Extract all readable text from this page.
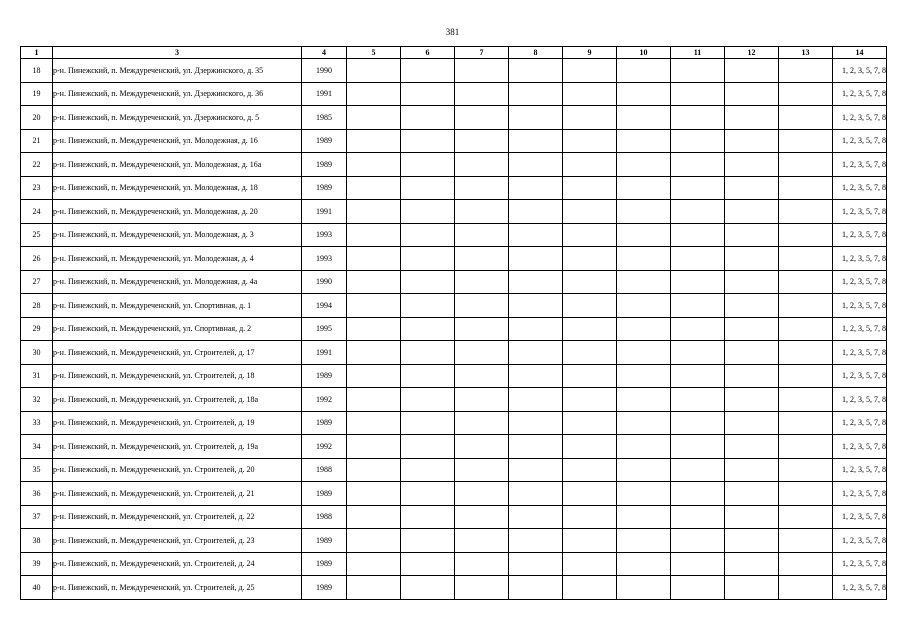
381
1	3	4	5	6	7	8	9	10	11	12	13	14
18	р-н. Пинежский, п. Междуреченский, ул. Дзержинского, д. 35	1990										1, 2, 3, 5, 7, 8
19	р-н. Пинежский, п. Междуреченский, ул. Дзержинского, д. 36	1991										1, 2, 3, 5, 7, 8
20	р-н. Пинежский, п. Междуреченский, ул. Дзержинского, д. 5	1985										1, 2, 3, 5, 7, 8
21	р-н. Пинежский, п. Междуреченский, ул. Молодежная, д. 16	1989										1, 2, 3, 5, 7, 8
22	р-н. Пинежский, п. Междуреченский, ул. Молодежная, д. 16а	1989										1, 2, 3, 5, 7, 8
23	р-н. Пинежский, п. Междуреченский, ул. Молодежная, д. 18	1989										1, 2, 3, 5, 7, 8
24	р-н. Пинежский, п. Междуреченский, ул. Молодежная, д. 20	1991										1, 2, 3, 5, 7, 8
25	р-н. Пинежский, п. Междуреченский, ул. Молодежная, д. 3	1993										1, 2, 3, 5, 7, 8
26	р-н. Пинежский, п. Междуреченский, ул. Молодежная, д. 4	1993										1, 2, 3, 5, 7, 8
27	р-н. Пинежский, п. Междуреченский, ул. Молодежная, д. 4а	1990										1, 2, 3, 5, 7, 8
28	р-н. Пинежский, п. Междуреченский, ул. Спортивная, д. 1	1994										1, 2, 3, 5, 7, 8
29	р-н. Пинежский, п. Междуреченский, ул. Спортивная, д. 2	1995										1, 2, 3, 5, 7, 8
30	р-н. Пинежский, п. Междуреченский, ул. Строителей, д. 17	1991										1, 2, 3, 5, 7, 8
31	р-н. Пинежский, п. Междуреченский, ул. Строителей, д. 18	1989										1, 2, 3, 5, 7, 8
32	р-н. Пинежский, п. Междуреченский, ул. Строителей, д. 18а	1992										1, 2, 3, 5, 7, 8
33	р-н. Пинежский, п. Междуреченский, ул. Строителей, д. 19	1989										1, 2, 3, 5, 7, 8
34	р-н. Пинежский, п. Междуреченский, ул. Строителей, д. 19а	1992										1, 2, 3, 5, 7, 8
35	р-н. Пинежский, п. Междуреченский, ул. Строителей, д. 20	1988										1, 2, 3, 5, 7, 8
36	р-н. Пинежский, п. Междуреченский, ул. Строителей, д. 21	1989										1, 2, 3, 5, 7, 8
37	р-н. Пинежский, п. Междуреченский, ул. Строителей, д. 22	1988										1, 2, 3, 5, 7, 8
38	р-н. Пинежский, п. Междуреченский, ул. Строителей, д. 23	1989										1, 2, 3, 5, 7, 8
39	р-н. Пинежский, п. Междуреченский, ул. Строителей, д. 24	1989										1, 2, 3, 5, 7, 8
40	р-н. Пинежский, п. Междуреченский, ул. Строителей, д. 25	1989										1, 2, 3, 5, 7, 8
